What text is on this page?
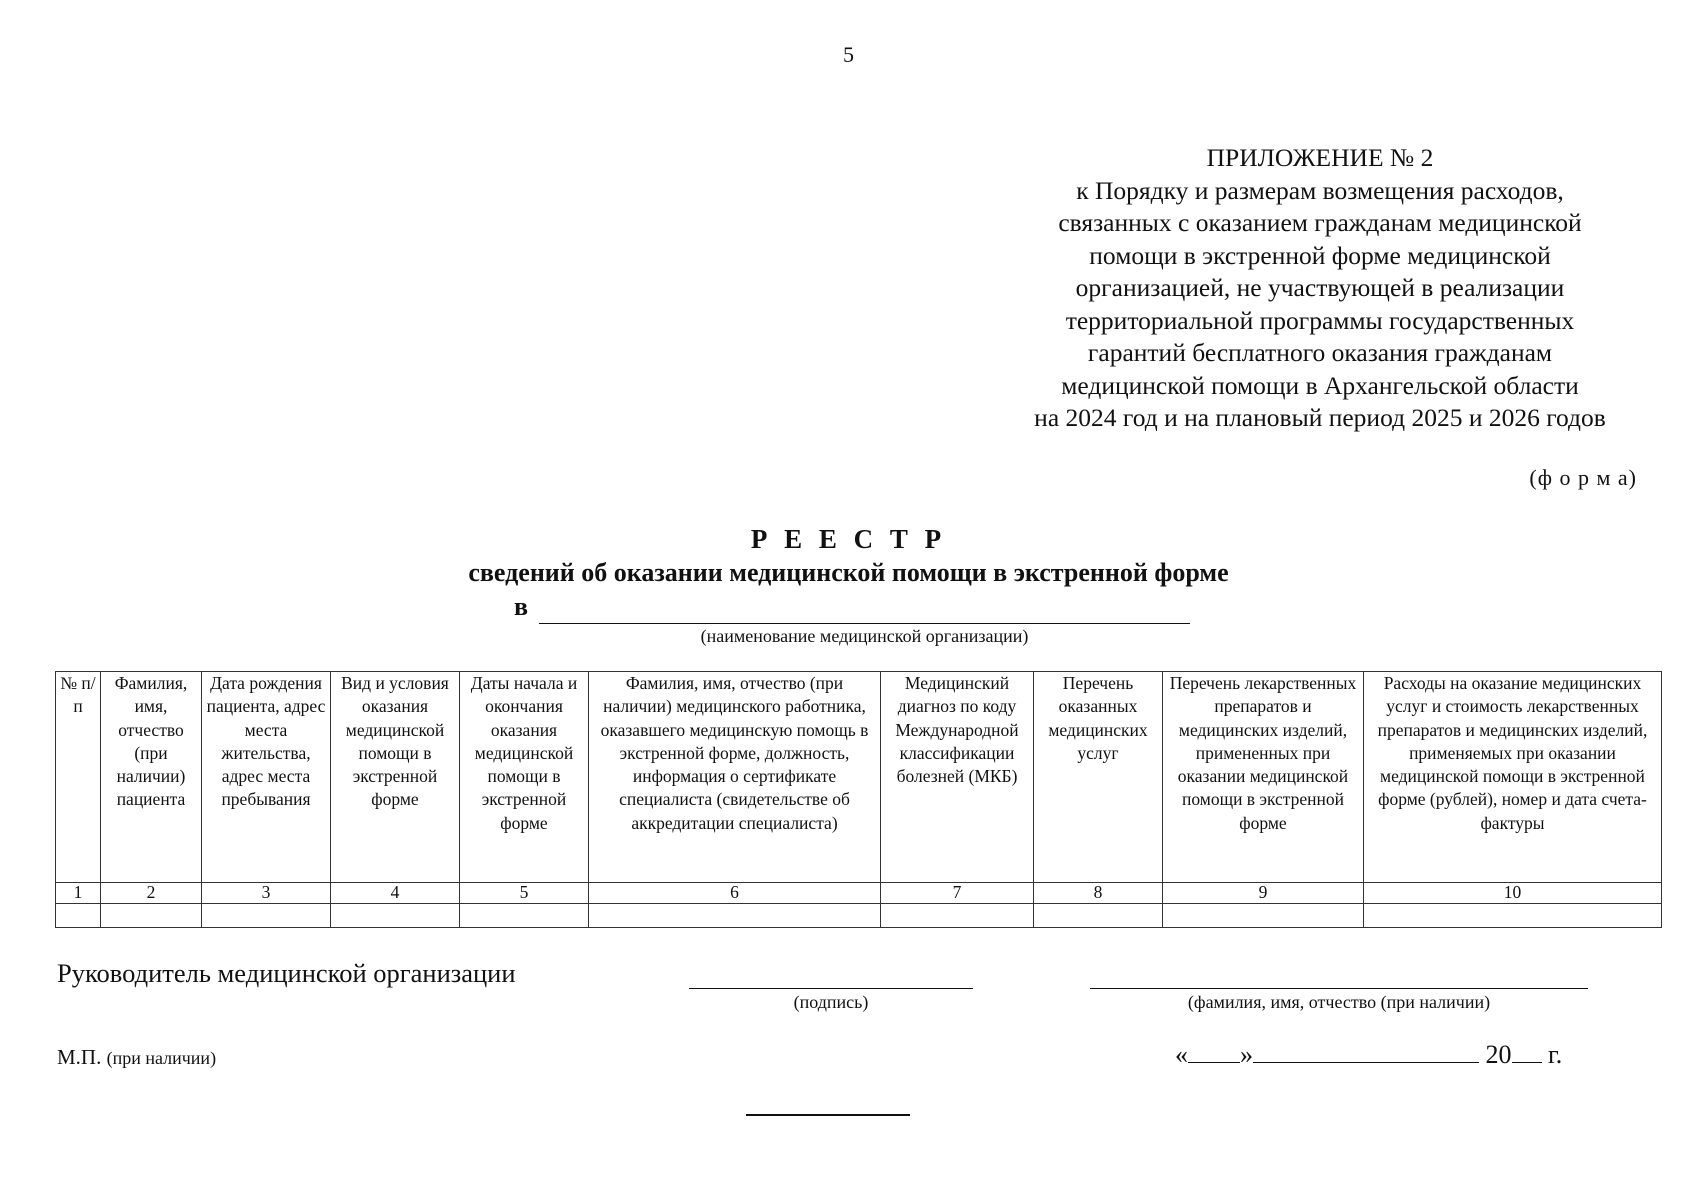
5
ПРИЛОЖЕНИЕ № 2
к Порядку и размерам возмещения расходов,
связанных с оказанием гражданам медицинской
помощи в экстренной форме медицинской
организацией, не участвующей в реализации
территориальной программы государственных
гарантий бесплатного оказания гражданам
медицинской помощи в Архангельской области
на 2024 год и на плановый период 2025 и 2026 годов
(ф о р м а)
Р Е Е С Т Р
сведений об оказании медицинской помощи в экстренной форме
в
(наименование медицинской организации)
№ п/п	Фамилия, имя, отчество (при наличии) пациента	Дата рождения пациента, адрес места жительства, адрес места пребывания	Вид и условия оказания медицинской помощи в экстренной форме	Даты начала и окончания оказания медицинской помощи в экстренной форме	Фамилия, имя, отчество (при наличии) медицинского работника, оказавшего медицинскую помощь в экстренной форме, должность, информация о сертификате специалиста (свидетельстве об аккредитации специалиста)	Медицинский диагноз по коду Международной классификации болезней (МКБ)	Перечень оказанных медицинских услуг	Перечень лекарственных препаратов и медицинских изделий, примененных при оказании медицинской помощи в экстренной форме	Расходы на оказание медицинских услуг и стоимость лекарственных препаратов и медицинских изделий, применяемых при оказании медицинской помощи в экстренной форме (рублей), номер и дата счета-фактуры
1	2	3	4	5	6	7	8	9	10

Руководитель медицинской организации
(подпись)	(фамилия, имя, отчество (при наличии)
М.П. (при наличии)	« »	20 г.
